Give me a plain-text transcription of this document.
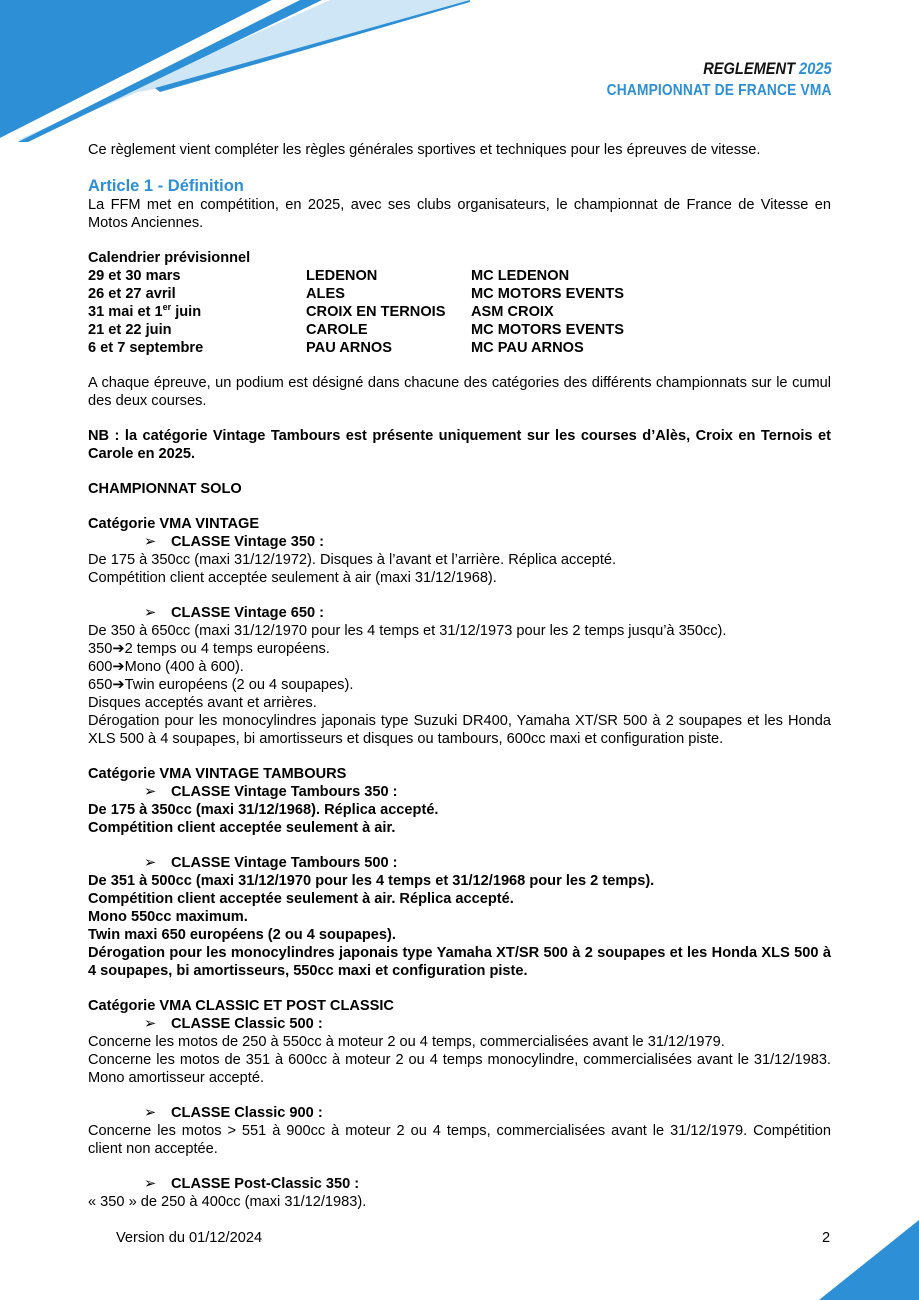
REGLEMENT 2025
CHAMPIONNAT DE FRANCE VMA

Ce règlement vient compléter les règles générales sportives et techniques pour les épreuves de vitesse.

Article 1 - Définition

La FFM met en compétition, en 2025, avec ses clubs organisateurs, le championnat de France de Vitesse en Motos Anciennes.

Calendrier prévisionnel
29 et 30 mars	LEDENON	MC LEDENON
26 et 27 avril	ALES	MC MOTORS EVENTS
31 mai et 1er juin	CROIX EN TERNOIS	ASM CROIX
21 et 22 juin	CAROLE	MC MOTORS EVENTS
6 et 7 septembre	PAU ARNOS	MC PAU ARNOS

A chaque épreuve, un podium est désigné dans chacune des catégories des différents championnats sur le cumul des deux courses.

NB : la catégorie Vintage Tambours est présente uniquement sur les courses d’Alès, Croix en Ternois et Carole en 2025.

CHAMPIONNAT SOLO

Catégorie VMA VINTAGE

➢ CLASSE Vintage 350 :

De 175 à 350cc (maxi 31/12/1972). Disques à l’avant et l’arrière. Réplica accepté.

Compétition client acceptée seulement à air (maxi 31/12/1968).

➢ CLASSE Vintage 650 :

De 350 à 650cc (maxi 31/12/1970 pour les 4 temps et 31/12/1973 pour les 2 temps jusqu’à 350cc).

350➔2 temps ou 4 temps européens.

600➔Mono (400 à 600).

650➔Twin européens (2 ou 4 soupapes).

Disques acceptés avant et arrières.

Dérogation pour les monocylindres japonais type Suzuki DR400, Yamaha XT/SR 500 à 2 soupapes et les Honda XLS 500 à 4 soupapes, bi amortisseurs et disques ou tambours, 600cc maxi et configuration piste.

Catégorie VMA VINTAGE TAMBOURS

➢ CLASSE Vintage Tambours 350 :

De 175 à 350cc (maxi 31/12/1968). Réplica accepté.

Compétition client acceptée seulement à air.

➢ CLASSE Vintage Tambours 500 :

De 351 à 500cc (maxi 31/12/1970 pour les 4 temps et 31/12/1968 pour les 2 temps).

Compétition client acceptée seulement à air. Réplica accepté.

Mono 550cc maximum.

Twin maxi 650 européens (2 ou 4 soupapes).

Dérogation pour les monocylindres japonais type Yamaha XT/SR 500 à 2 soupapes et les Honda XLS 500 à 4 soupapes, bi amortisseurs, 550cc maxi et configuration piste.

Catégorie VMA CLASSIC ET POST CLASSIC

➢ CLASSE Classic 500 :

Concerne les motos de 250 à 550cc à moteur 2 ou 4 temps, commercialisées avant le 31/12/1979.

Concerne les motos de 351 à 600cc à moteur 2 ou 4 temps monocylindre, commercialisées avant le 31/12/1983. Mono amortisseur accepté.

➢ CLASSE Classic 900 :

Concerne les motos > 551 à 900cc à moteur 2 ou 4 temps, commercialisées avant le 31/12/1979. Compétition client non acceptée.

➢ CLASSE Post-Classic 350 :

« 350 » de 250 à 400cc (maxi 31/12/1983).

Version du 01/12/2024	2
